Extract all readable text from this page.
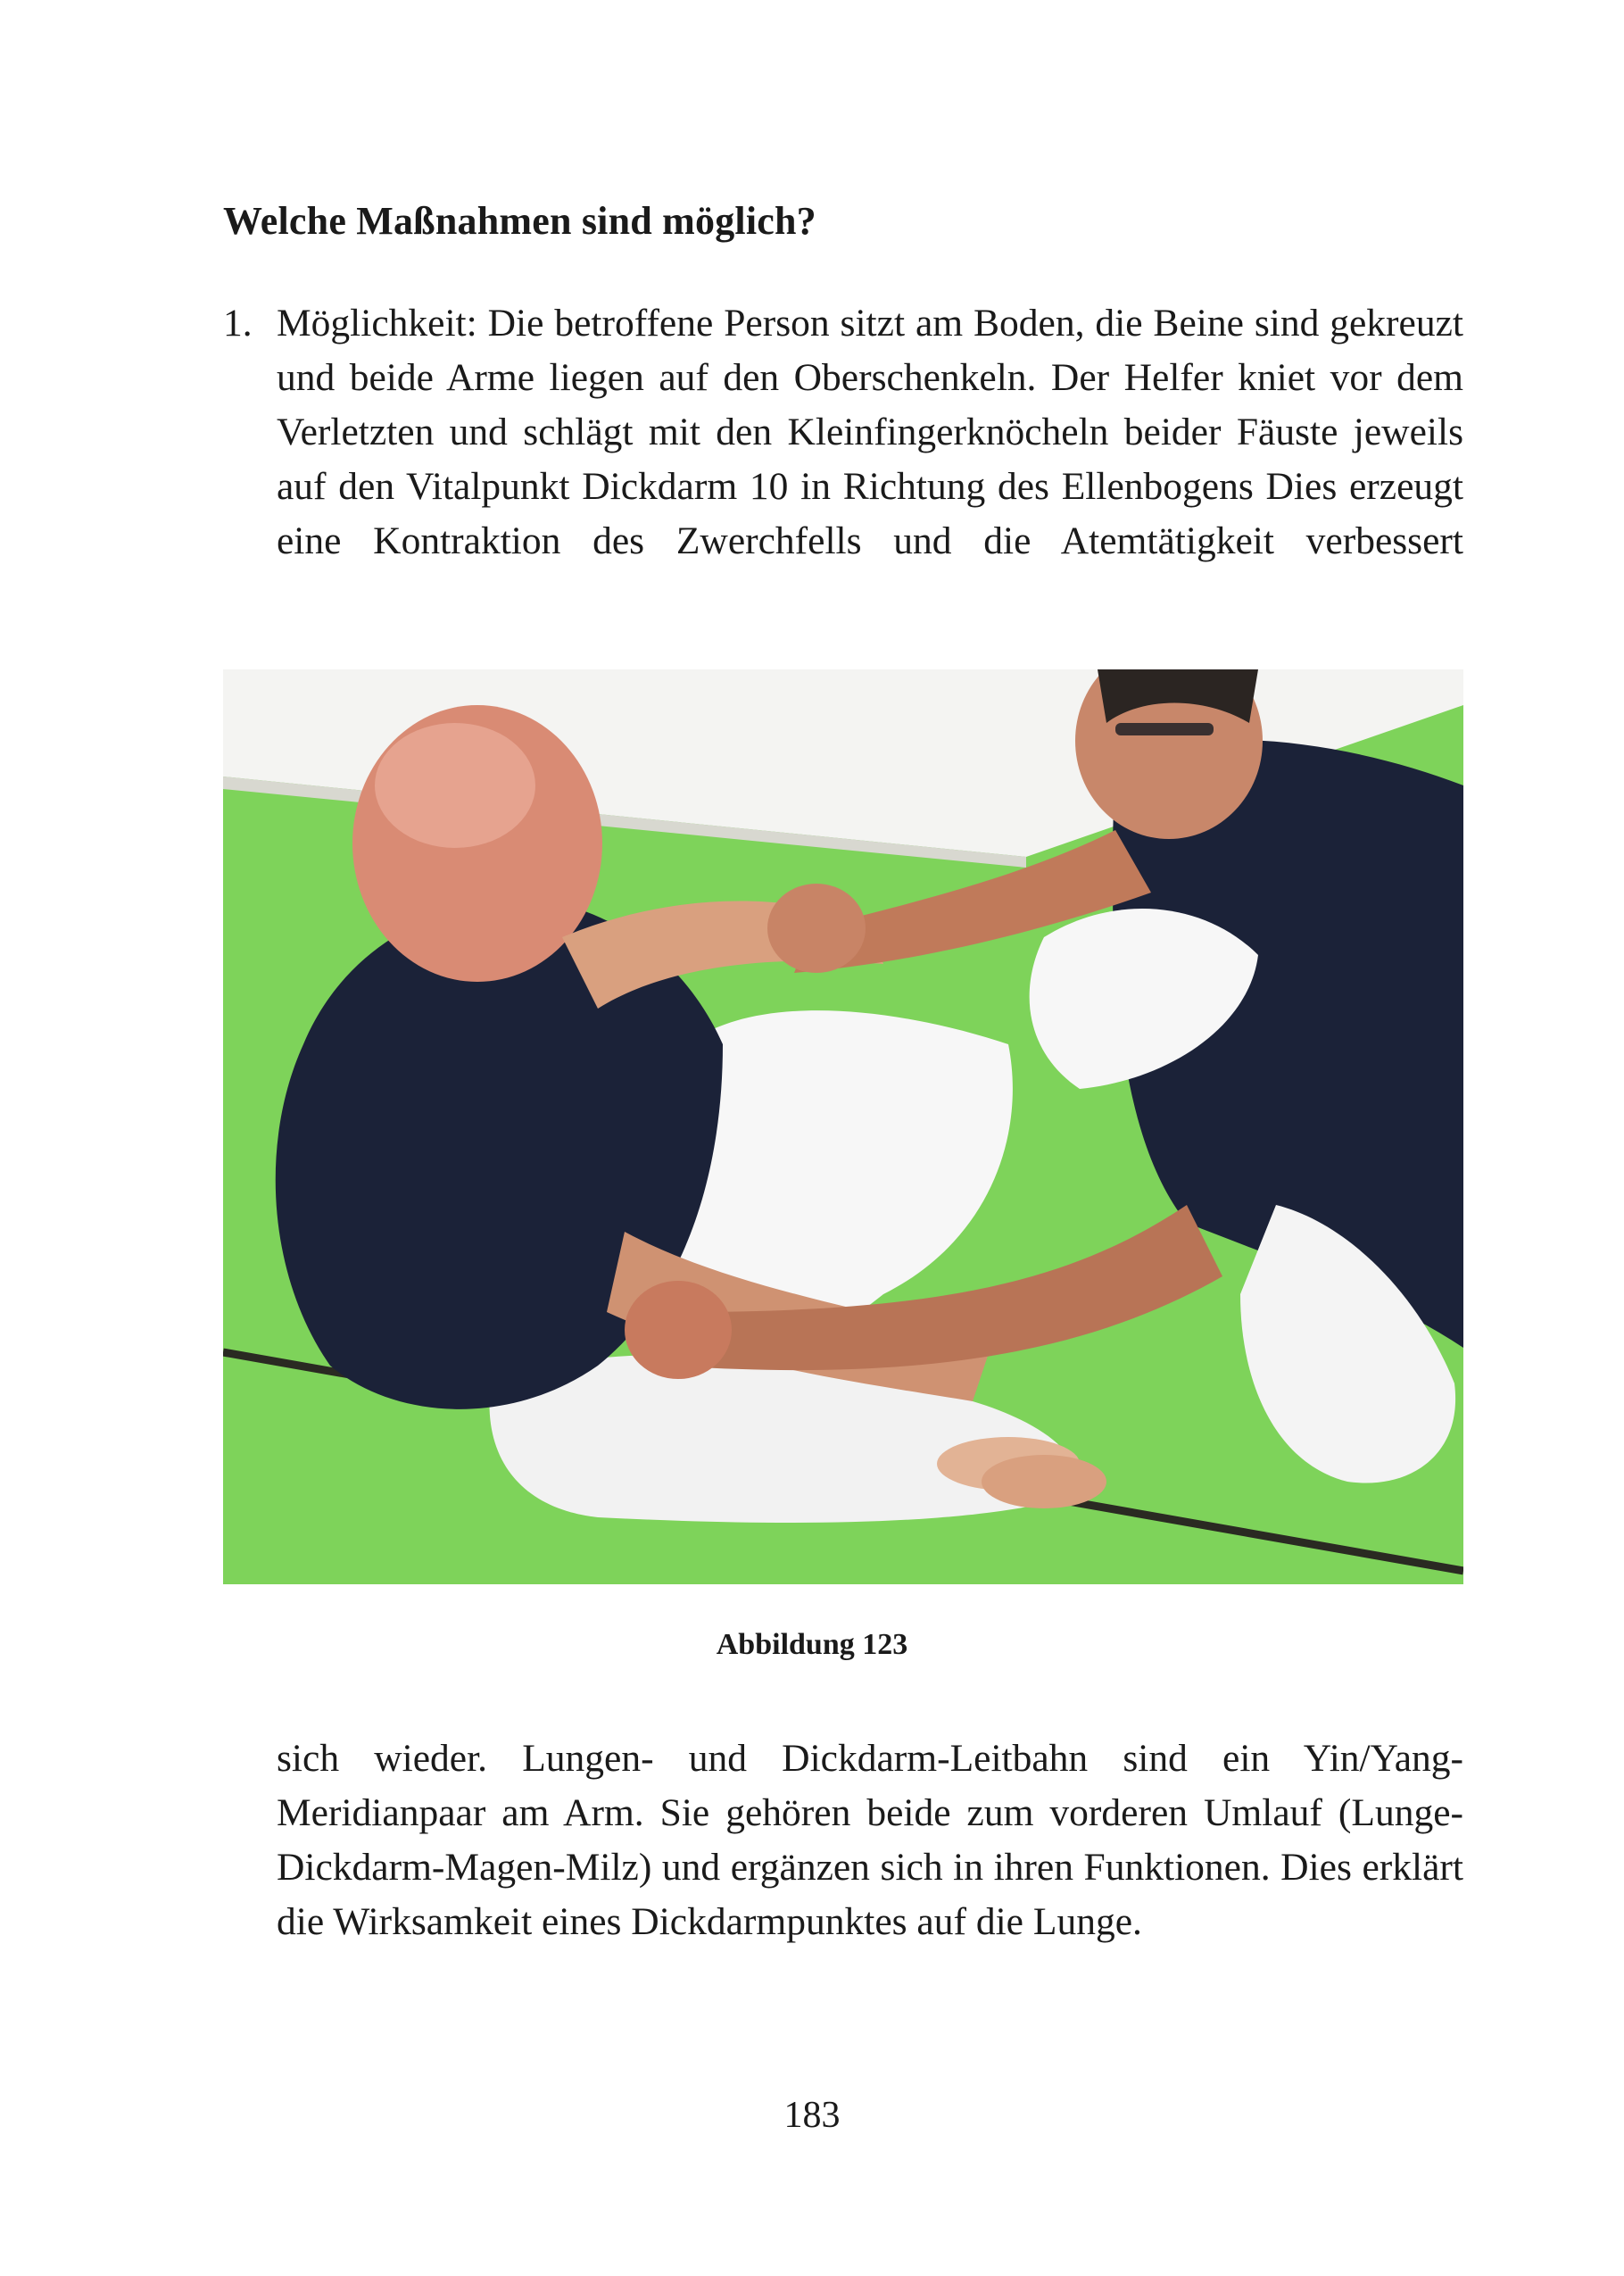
Welche Maßnahmen sind möglich?
1. Möglichkeit: Die betroffene Person sitzt am Boden, die Beine sind gekreuzt und beide Arme liegen auf den Oberschenkeln. Der Helfer kniet vor dem Verletzten und schlägt mit den Kleinfingerknöcheln beider Fäuste jeweils auf den Vitalpunkt Dickdarm 10 in Richtung des Ellenbogens Dies erzeugt eine Kontraktion des Zwerchfells und die Atemtätigkeit verbessert
Abbildung 123
sich wieder. Lungen- und Dickdarm-Leitbahn sind ein Yin/Yang-Meridianpaar am Arm. Sie gehören beide zum vorderen Umlauf (Lunge-Dickdarm-Magen-Milz) und ergänzen sich in ihren Funktionen. Dies erklärt die Wirksamkeit eines Dickdarmpunktes auf die Lunge.
183
